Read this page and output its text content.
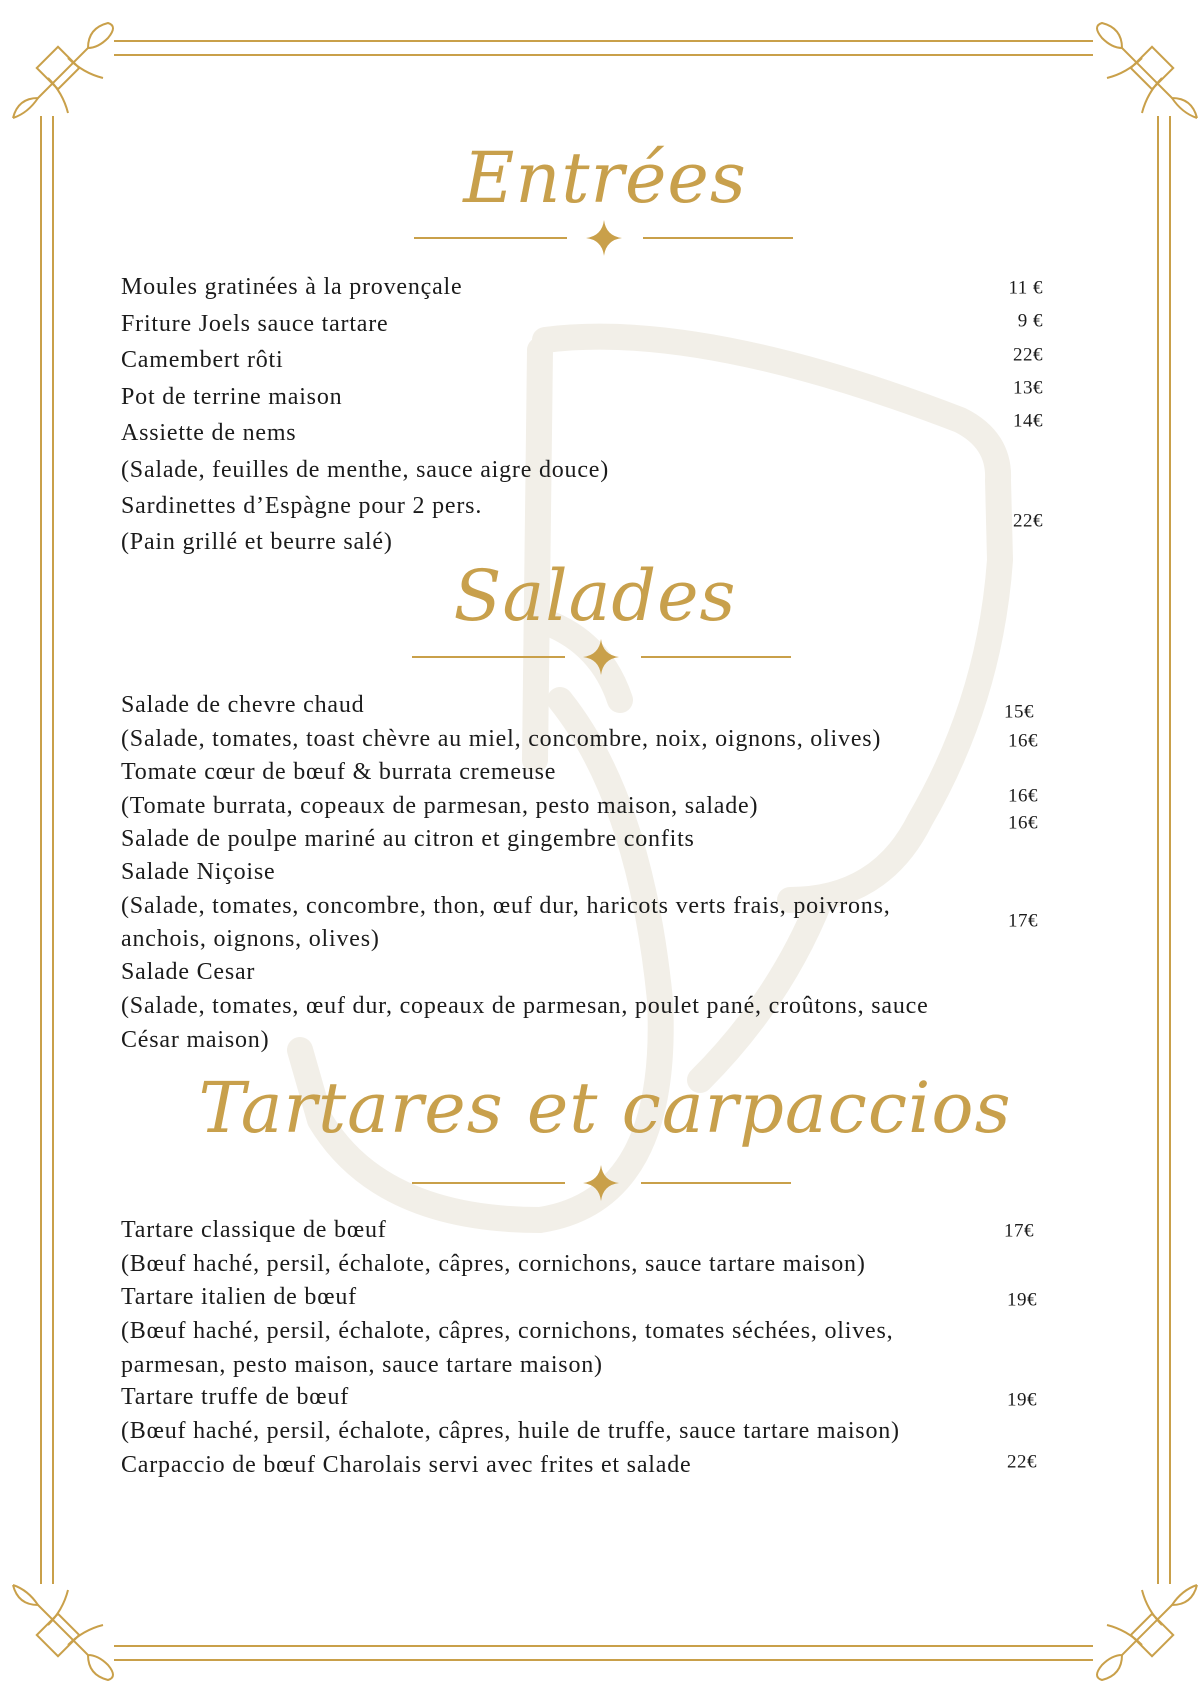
Entrées
Moules gratinées à la provençale
Friture Joels sauce tartare
Camembert rôti
Pot de terrine maison
Assiette de nems
(Salade, feuilles de menthe, sauce aigre douce)
Sardinettes d’Espàgne pour 2 pers.
(Pain grillé et beurre salé)
11 €
9 €
22€
13€
14€
22€
Salades
Salade de chevre chaud
(Salade, tomates, toast chèvre au miel, concombre, noix, oignons, olives)
Tomate cœur de bœuf & burrata cremeuse
(Tomate burrata, copeaux de parmesan, pesto maison, salade)
Salade de poulpe mariné au citron et gingembre confits
Salade Niçoise
(Salade, tomates, concombre, thon, œuf dur, haricots verts frais, poivrons,
anchois, oignons, olives)
Salade Cesar
(Salade, tomates, œuf dur, copeaux de parmesan, poulet pané, croûtons, sauce
César maison)
15€
16€
16€
16€
17€
Tartares et carpaccios
Tartare classique de bœuf
(Bœuf haché, persil, échalote, câpres, cornichons, sauce tartare maison)
Tartare italien de bœuf
(Bœuf haché, persil, échalote, câpres, cornichons, tomates séchées, olives,
parmesan, pesto maison, sauce tartare maison)
Tartare truffe de bœuf
(Bœuf haché, persil, échalote, câpres, huile de truffe, sauce tartare maison)
Carpaccio de bœuf Charolais servi avec frites et salade
17€
19€
19€
22€
